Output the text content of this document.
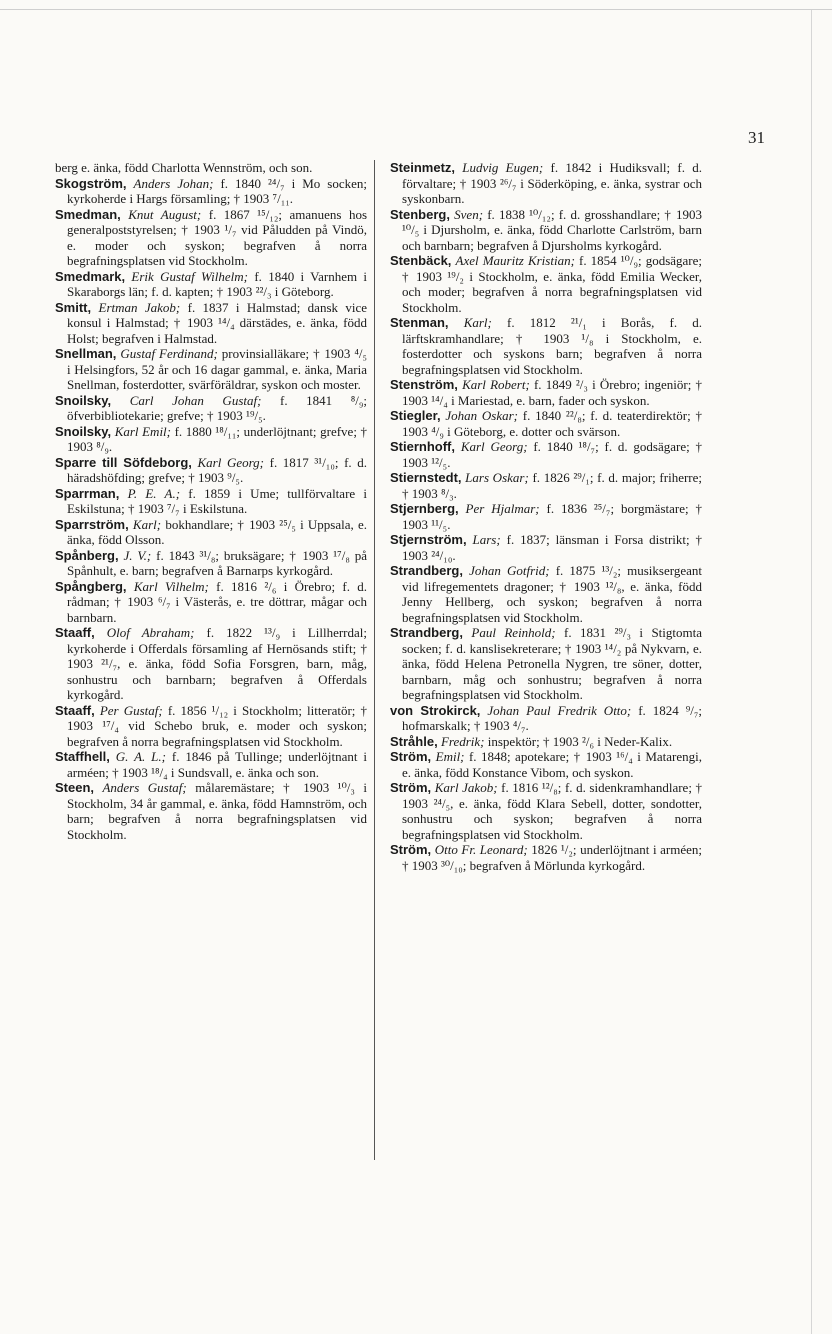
31

berg e. änka, född Charlotta Wennström, och son.

Skogström, Anders Johan; f. 1840 ²⁴/₇ i Mo socken; kyrkoherde i Hargs församling; † 1903 ⁷/₁₁.

Smedman, Knut August; f. 1867 ¹⁵/₁₂; amanuens hos generalpoststyrelsen; † 1903 ¹/₇ vid Påludden på Vindö, e. moder och syskon; begrafven å norra begrafningsplatsen vid Stockholm.

Smedmark, Erik Gustaf Wilhelm; f. 1840 i Varnhem i Skaraborgs län; f. d. kapten; † 1903 ²²/₃ i Göteborg.

Smitt, Ertman Jakob; f. 1837 i Halmstad; dansk vice konsul i Halmstad; † 1903 ¹⁴/₄ därstädes, e. änka, född Holst; begrafven i Halmstad.

Snellman, Gustaf Ferdinand; provinsialläkare; † 1903 ⁴/₅ i Helsingfors, 52 år och 16 dagar gammal, e. änka, Maria Snellman, fosterdotter, svärföräldrar, syskon och moster.

Snoilsky, Carl Johan Gustaf; f. 1841 ⁸/₉; öfverbibliotekarie; grefve; † 1903 ¹⁹/₅.

Snoilsky, Karl Emil; f. 1880 ¹⁸/₁₁; underlöjtnant; grefve; † 1903 ⁸/₉.

Sparre till Söfdeborg, Karl Georg; f. 1817 ³¹/₁₀; f. d. häradshöfding; grefve; † 1903 ⁹/₅.

Sparrman, P. E. A.; f. 1859 i Ume; tullförvaltare i Eskilstuna; † 1903 ⁷/₇ i Eskilstuna.

Sparrström, Karl; bokhandlare; † 1903 ²⁵/₅ i Uppsala, e. änka, född Olsson.

Spånberg, J. V.; f. 1843 ³¹/₈; bruksägare; † 1903 ¹⁷/₈ på Spånhult, e. barn; begrafven å Barnarps kyrkogård.

Spångberg, Karl Vilhelm; f. 1816 ²/₆ i Örebro; f. d. rådman; † 1903 ⁶/₇ i Västerås, e. tre döttrar, mågar och barnbarn.

Staaff, Olof Abraham; f. 1822 ¹³/₉ i Lillherrdal; kyrkoherde i Offerdals församling af Hernösands stift; † 1903 ²¹/₇, e. änka, född Sofia Forsgren, barn, måg, sonhustru och barnbarn; begrafven å Offerdals kyrkogård.

Staaff, Per Gustaf; f. 1856 ¹/₁₂ i Stockholm; litteratör; † 1903 ¹⁷/₄ vid Schebo bruk, e. moder och syskon; begrafven å norra begrafningsplatsen vid Stockholm.

Staffhell, G. A. L.; f. 1846 på Tullinge; underlöjtnant i arméen; † 1903 ¹⁸/₄ i Sundsvall, e. änka och son.

Steen, Anders Gustaf; målaremästare; † 1903 ¹⁰/₃ i Stockholm, 34 år gammal, e. änka, född Hamnström, och barn; begrafven å norra begrafningsplatsen vid Stockholm.

Steinmetz, Ludvig Eugen; f. 1842 i Hudiksvall; f. d. förvaltare; † 1903 ²⁶/₇ i Söderköping, e. änka, systrar och syskonbarn.

Stenberg, Sven; f. 1838 ¹⁰/₁₂; f. d. grosshandlare; † 1903 ¹⁰/₅ i Djursholm, e. änka, född Charlotte Carlström, barn och barnbarn; begrafven å Djursholms kyrkogård.

Stenbäck, Axel Mauritz Kristian; f. 1854 ¹⁰/₉; godsägare; † 1903 ¹⁹/₂ i Stockholm, e. änka, född Emilia Wecker, och moder; begrafven å norra begrafningsplatsen vid Stockholm.

Stenman, Karl; f. 1812 ²¹/₁ i Borås, f. d. lärftskramhandlare; † 1903 ¹/₈ i Stockholm, e. fosterdotter och syskons barn; begrafven å norra begrafningsplatsen vid Stockholm.

Stenström, Karl Robert; f. 1849 ²/₃ i Örebro; ingeniör; † 1903 ¹⁴/₄ i Mariestad, e. barn, fader och syskon.

Stiegler, Johan Oskar; f. 1840 ²²/₈; f. d. teaterdirektör; † 1903 ⁴/₉ i Göteborg, e. dotter och svärson.

Stiernhoff, Karl Georg; f. 1840 ¹⁸/₇; f. d. godsägare; † 1903 ¹²/₅.

Stiernstedt, Lars Oskar; f. 1826 ²⁹/₁; f. d. major; friherre; † 1903 ⁸/₃.

Stjernberg, Per Hjalmar; f. 1836 ²⁵/₇; borgmästare; † 1903 ¹¹/₅.

Stjernström, Lars; f. 1837; länsman i Forsa distrikt; † 1903 ²⁴/₁₀.

Strandberg, Johan Gotfrid; f. 1875 ¹³/₂; musiksergeant vid lifregementets dragoner; † 1903 ¹²/₈, e. änka, född Jenny Hellberg, och syskon; begrafven å norra begrafningsplatsen vid Stockholm.

Strandberg, Paul Reinhold; f. 1831 ²⁹/₃ i Stigtomta socken; f. d. kanslisekreterare; † 1903 ¹⁴/₂ på Nykvarn, e. änka, född Helena Petronella Nygren, tre söner, dotter, barnbarn, måg och sonhustru; begrafven å norra begrafningsplatsen vid Stockholm.

von Strokirck, Johan Paul Fredrik Otto; f. 1824 ⁹/₇; hofmarskalk; † 1903 ⁴/₇.

Stråhle, Fredrik; inspektör; † 1903 ²/₆ i Neder-Kalix.

Ström, Emil; f. 1848; apotekare; † 1903 ¹⁶/₄ i Matarengi, e. änka, född Konstance Vibom, och syskon.

Ström, Karl Jakob; f. 1816 ¹²/₈; f. d. sidenkramhandlare; † 1903 ²⁴/₅, e. änka, född Klara Sebell, dotter, sondotter, sonhustru och syskon; begrafven å norra begrafningsplatsen vid Stockholm.

Ström, Otto Fr. Leonard; 1826 ¹/₂; underlöjtnant i arméen; † 1903 ³⁰/₁₀; begrafven å Mörlunda kyrkogård.
